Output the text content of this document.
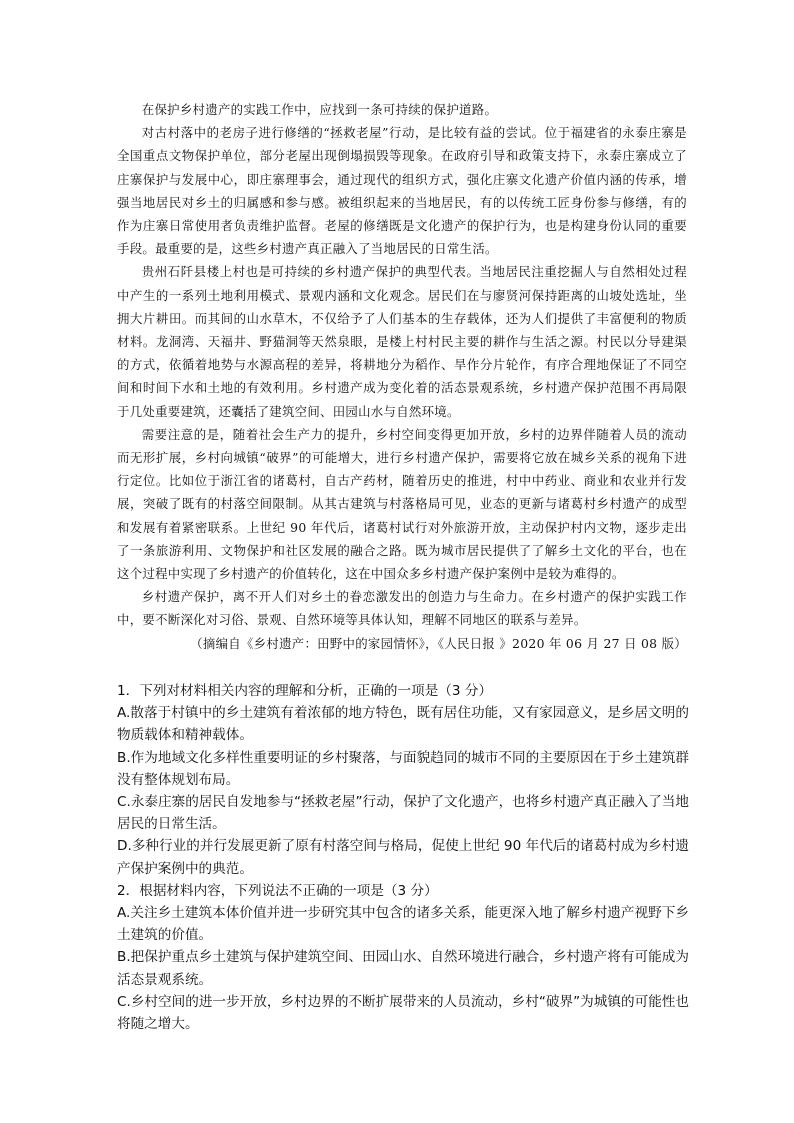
在保护乡村遗产的实践工作中，应找到一条可持续的保护道路。

对古村落中的老房子进行修缮的“拯救老屋”行动，是比较有益的尝试。位于福建省的永泰庄寨是全国重点文物保护单位，部分老屋出现倒塌损毁等现象。在政府引导和政策支持下，永泰庄寨成立了庄寨保护与发展中心，即庄寨理事会，通过现代的组织方式，强化庄寨文化遗产价值内涵的传承，增强当地居民对乡土的归属感和参与感。被组织起来的当地居民，有的以传统工匠身份参与修缮，有的作为庄寨日常使用者负责维护监督。老屋的修缮既是文化遗产的保护行为，也是构建身份认同的重要手段。最重要的是，这些乡村遗产真正融入了当地居民的日常生活。

贵州石阡县楼上村也是可持续的乡村遗产保护的典型代表。当地居民注重挖掘人与自然相处过程中产生的一系列土地利用模式、景观内涵和文化观念。居民们在与廖贤河保持距离的山坡处选址，坐拥大片耕田。而其间的山水草木，不仅给予了人们基本的生存载体，还为人们提供了丰富便利的物质材料。龙洞湾、天福井、野猫洞等天然泉眼，是楼上村村民主要的耕作与生活之源。村民以分导建渠的方式，依循着地势与水源高程的差异，将耕地分为稻作、旱作分片轮作，有序合理地保证了不同空间和时间下水和土地的有效利用。乡村遗产成为变化着的活态景观系统，乡村遗产保护范围不再局限于几处重要建筑，还囊括了建筑空间、田园山水与自然环境。

需要注意的是，随着社会生产力的提升，乡村空间变得更加开放，乡村的边界伴随着人员的流动而无形扩展，乡村向城镇“破界”的可能增大，进行乡村遗产保护，需要将它放在城乡关系的视角下进行定位。比如位于浙江省的诸葛村，自古产药材，随着历史的推进，村中中药业、商业和农业并行发展，突破了既有的村落空间限制。从其古建筑与村落格局可见，业态的更新与诸葛村乡村遗产的成型和发展有着紧密联系。上世纪 90 年代后，诸葛村试行对外旅游开放，主动保护村内文物，逐步走出了一条旅游利用、文物保护和社区发展的融合之路。既为城市居民提供了了解乡土文化的平台，也在这个过程中实现了乡村遗产的价值转化，这在中国众多乡村遗产保护案例中是较为难得的。

乡村遗产保护，离不开人们对乡土的眷恋激发出的创造力与生命力。在乡村遗产的保护实践工作中，要不断深化对习俗、景观、自然环境等具体认知，理解不同地区的联系与差异。

（摘编自《乡村遗产：田野中的家园情怀》，《人民日报 》2020 年 06 月 27 日 08 版）

1．下列对材料相关内容的理解和分析，正确的一项是（3 分）

A.散落于村镇中的乡土建筑有着浓郁的地方特色，既有居住功能，又有家园意义，是乡居文明的物质载体和精神载体。

B.作为地域文化多样性重要明证的乡村聚落，与面貌趋同的城市不同的主要原因在于乡土建筑群没有整体规划布局。

C.永泰庄寨的居民自发地参与“拯救老屋”行动，保护了文化遗产，也将乡村遗产真正融入了当地居民的日常生活。

D.多种行业的并行发展更新了原有村落空间与格局，促使上世纪 90 年代后的诸葛村成为乡村遗产保护案例中的典范。

2．根据材料内容，下列说法不正确的一项是（3 分）

A.关注乡土建筑本体价值并进一步研究其中包含的诸多关系，能更深入地了解乡村遗产视野下乡土建筑的价值。

B.把保护重点乡土建筑与保护建筑空间、田园山水、自然环境进行融合，乡村遗产将有可能成为活态景观系统。

C.乡村空间的进一步开放，乡村边界的不断扩展带来的人员流动，乡村“破界”为城镇的可能性也将随之增大。
